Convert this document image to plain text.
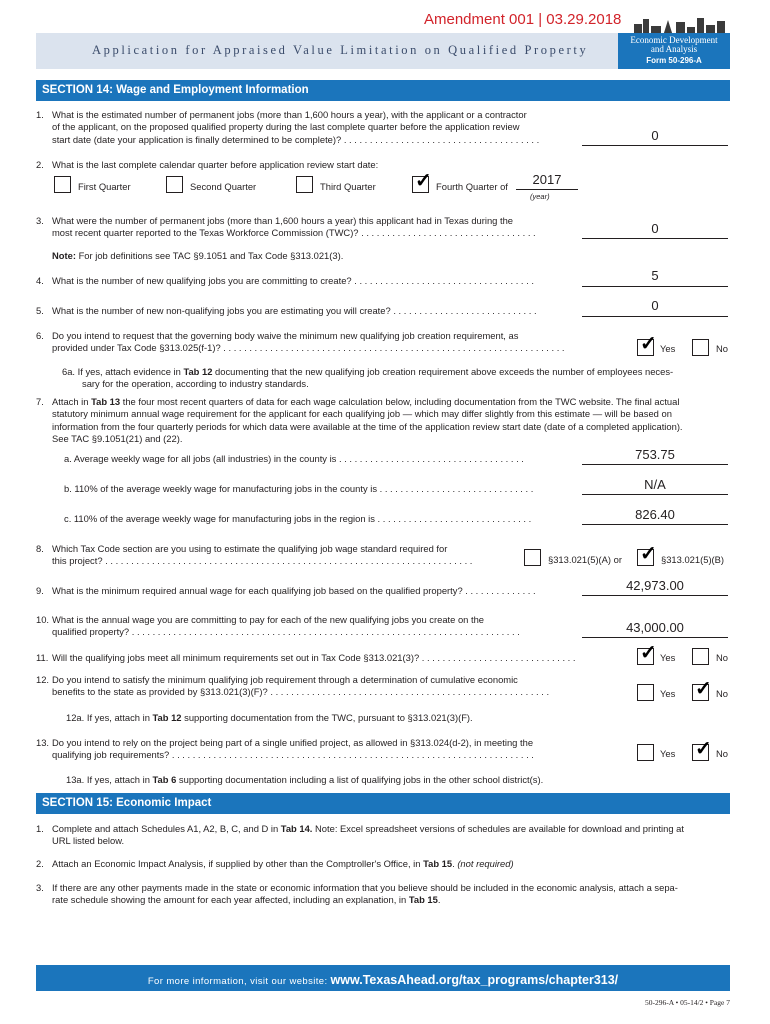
Amendment 001 | 03.29.2018
Application for Appraised Value Limitation on Qualified Property
Economic Development
and Analysis
Form 50-296-A
SECTION 14: Wage and Employment Information
1. What is the estimated number of permanent jobs (more than 1,600 hours a year), with the applicant or a contractor
of the applicant, on the proposed qualified property during the last complete quarter before the application review
start date (date your application is finally determined to be complete)? . . . . . . . . . . . . . . . . . . . . . . . . . . . . . . . . . . . . . .	0
2. What is the last complete calendar quarter before application review start date:
First Quarter	Second Quarter	Third Quarter ✓ Fourth Quarter of	2017
(year)
3. What were the number of permanent jobs (more than 1,600 hours a year) this applicant had in Texas during the
most recent quarter reported to the Texas Workforce Commission (TWC)? . . . . . . . . . . . . . . . . . . . . . . . . . . . . . . . . . .	0
Note: For job definitions see TAC §9.1051 and Tax Code §313.021(3).
4. What is the number of new qualifying jobs you are committing to create? . . . . . . . . . . . . . . . . . . . . . . . . . . . . . . . . . . .	5
5. What is the number of new non-qualifying jobs you are estimating you will create? . . . . . . . . . . . . . . . . . . . . . . . . . . . .	0
6. Do you intend to request that the governing body waive the minimum new qualifying job creation requirement, as
provided under Tax Code §313.025(f-1)? . . . . . . . . . . . . . . . . . . . . . . . . . . . . . . . . . . . . . . . . . . . . . . . . . . . . . . . . . . . . . . . . . .	✓ Yes	No
6a. If yes, attach evidence in Tab 12 documenting that the new qualifying job creation requirement above exceeds the number of employees neces-
sary for the operation, according to industry standards.
7. Attach in Tab 13 the four most recent quarters of data for each wage calculation below, including documentation from the TWC website. The final actual
statutory minimum annual wage requirement for the applicant for each qualifying job — which may differ slightly from this estimate — will be based on
information from the four quarterly periods for which data were available at the time of the application review start date (date of a completed application).
See TAC §9.1051(21) and (22).
a. Average weekly wage for all jobs (all industries) in the county is . . . . . . . . . . . . . . . . . . . . . . . . . . . . . . . . . . . .	753.75
b. 110% of the average weekly wage for manufacturing jobs in the county is . . . . . . . . . . . . . . . . . . . . . . . . . . . . . .	N/A
c. 110% of the average weekly wage for manufacturing jobs in the region is . . . . . . . . . . . . . . . . . . . . . . . . . . . . . .	826.40
8. Which Tax Code section are you using to estimate the qualifying job wage standard required for
this project? . . . . . . . . . . . . . . . . . . . . . . . . . . . . . . . . . . . . . . . . . . . . . . . . . . . . . . . . . . . . . . . . . . . . . . .	§313.021(5)(A) or ✓ §313.021(5)(B)
9. What is the minimum required annual wage for each qualifying job based on the qualified property? . . . . . . . . . . . . . .	42,973.00
10. What is the annual wage you are committing to pay for each of the new qualifying jobs you create on the
qualified property? . . . . . . . . . . . . . . . . . . . . . . . . . . . . . . . . . . . . . . . . . . . . . . . . . . . . . . . . . . . . . . . . . . . . . . . . . . .	43,000.00
11. Will the qualifying jobs meet all minimum requirements set out in Tax Code §313.021(3)? . . . . . . . . . . . . . . . . . . . . . . . . . . . . . .	✓ Yes	No
12. Do you intend to satisfy the minimum qualifying job requirement through a determination of cumulative economic
benefits to the state as provided by §313.021(3)(F)? . . . . . . . . . . . . . . . . . . . . . . . . . . . . . . . . . . . . . . . . . . . . . . . . . . . . . .	Yes ✓ No
12a. If yes, attach in Tab 12 supporting documentation from the TWC, pursuant to §313.021(3)(F).
13. Do you intend to rely on the project being part of a single unified project, as allowed in §313.024(d-2), in meeting the
qualifying job requirements? . . . . . . . . . . . . . . . . . . . . . . . . . . . . . . . . . . . . . . . . . . . . . . . . . . . . . . . . . . . . . . . . . . . . . .	Yes ✓ No
13a. If yes, attach in Tab 6 supporting documentation including a list of qualifying jobs in the other school district(s).
SECTION 15: Economic Impact
1. Complete and attach Schedules A1, A2, B, C, and D in Tab 14. Note: Excel spreadsheet versions of schedules are available for download and printing at
URL listed below.
2. Attach an Economic Impact Analysis, if supplied by other than the Comptroller's Office, in Tab 15. (not required)
3. If there are any other payments made in the state or economic information that you believe should be included in the economic analysis, attach a sepa-
rate schedule showing the amount for each year affected, including an explanation, in Tab 15.
For more information, visit our website: www.TexasAhead.org/tax_programs/chapter313/
50-296-A • 05-14/2 • Page 7
